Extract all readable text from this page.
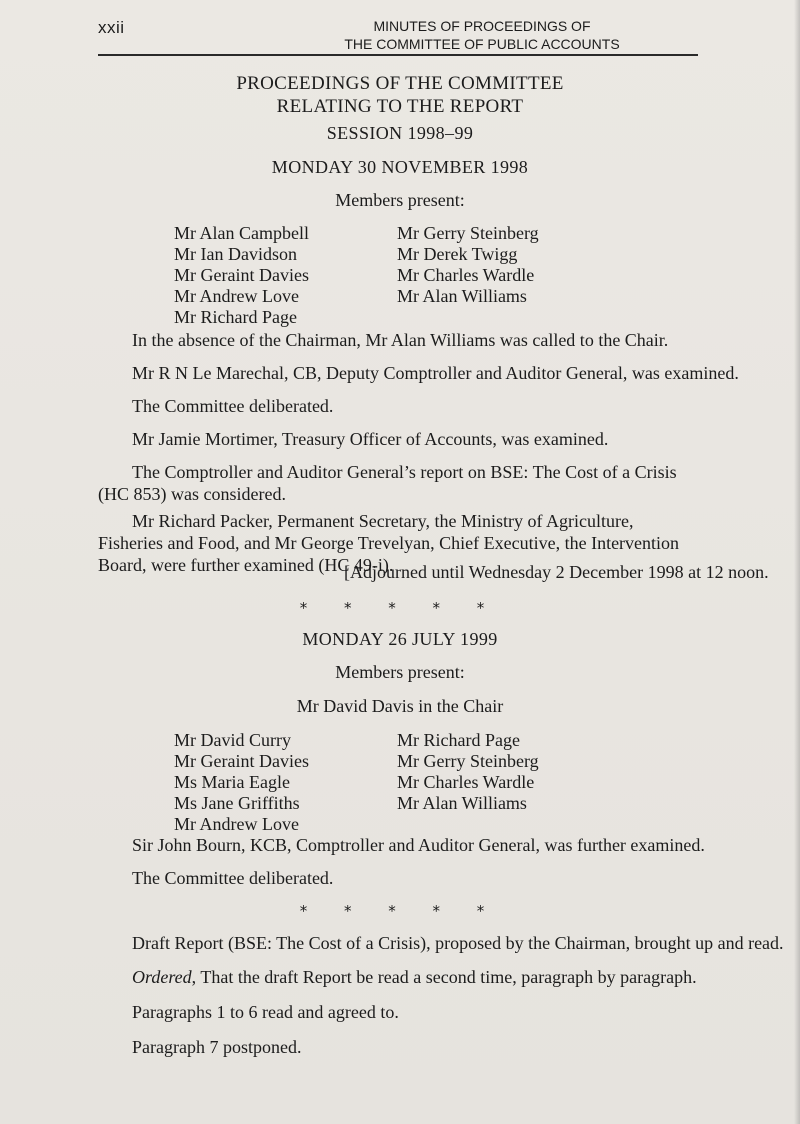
xxii	MINUTES OF PROCEEDINGS OF
THE COMMITTEE OF PUBLIC ACCOUNTS
PROCEEDINGS OF THE COMMITTEE
RELATING TO THE REPORT
SESSION 1998–99
MONDAY 30 NOVEMBER 1998
Members present:
Mr Alan Campbell
Mr Ian Davidson
Mr Geraint Davies
Mr Andrew Love
Mr Richard Page
Mr Gerry Steinberg
Mr Derek Twigg
Mr Charles Wardle
Mr Alan Williams
In the absence of the Chairman, Mr Alan Williams was called to the Chair.
Mr R N Le Marechal, CB, Deputy Comptroller and Auditor General, was examined.
The Committee deliberated.
Mr Jamie Mortimer, Treasury Officer of Accounts, was examined.
The Comptroller and Auditor General’s report on BSE: The Cost of a Crisis (HC 853) was considered.
Mr Richard Packer, Permanent Secretary, the Ministry of Agriculture, Fisheries and Food, and Mr George Trevelyan, Chief Executive, the Intervention Board, were further examined (HC 49-i).
[Adjourned until Wednesday 2 December 1998 at 12 noon.
* * * * *
MONDAY 26 JULY 1999
Members present:
Mr David Davis in the Chair
Mr David Curry
Mr Geraint Davies
Ms Maria Eagle
Ms Jane Griffiths
Mr Andrew Love
Mr Richard Page
Mr Gerry Steinberg
Mr Charles Wardle
Mr Alan Williams
Sir John Bourn, KCB, Comptroller and Auditor General, was further examined.
The Committee deliberated.
* * * * *
Draft Report (BSE: The Cost of a Crisis), proposed by the Chairman, brought up and read.
Ordered, That the draft Report be read a second time, paragraph by paragraph.
Paragraphs 1 to 6 read and agreed to.
Paragraph 7 postponed.
